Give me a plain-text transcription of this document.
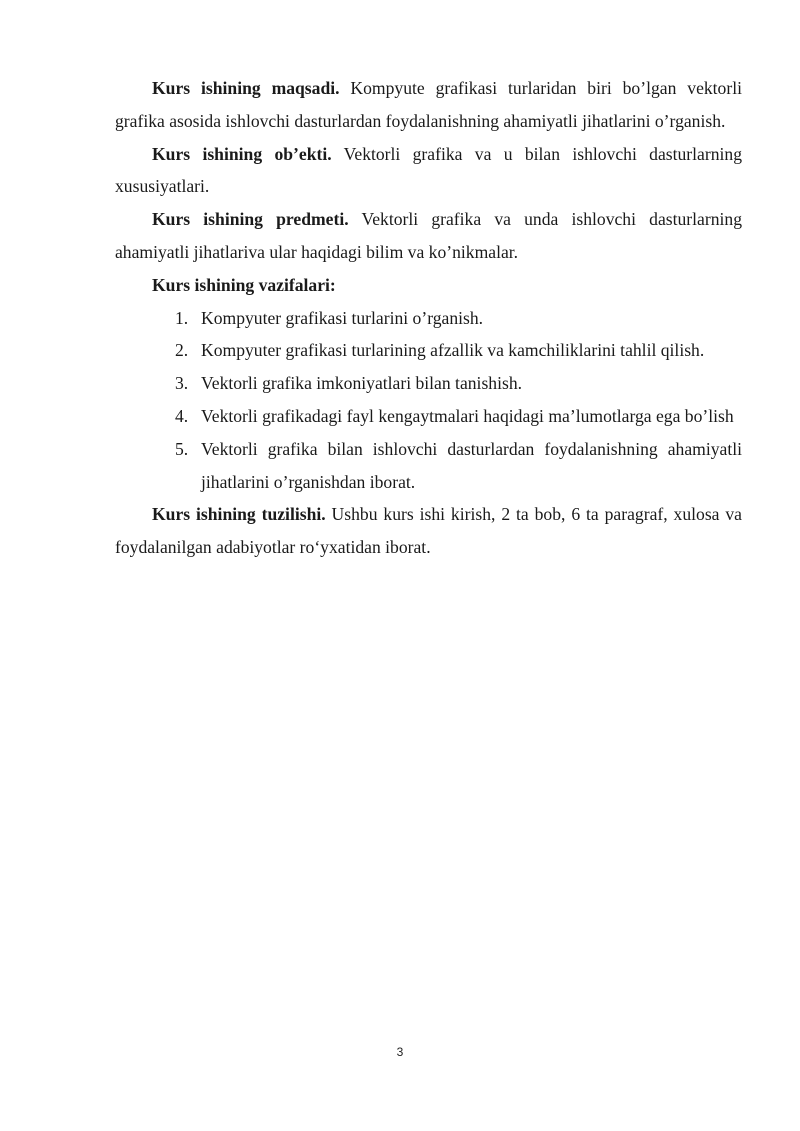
Kurs ishining maqsadi. Kompyute grafikasi turlaridan biri bo’lgan vektorli grafika asosida ishlovchi dasturlardan foydalanishning ahamiyatli jihatlarini o’rganish.

Kurs ishining ob’ekti. Vektorli grafika va u bilan ishlovchi dasturlarning xususiyatlari.

Kurs ishining predmeti. Vektorli grafika va unda ishlovchi dasturlarning ahamiyatli jihatlariva ular haqidagi bilim va ko’nikmalar.

Kurs ishining vazifalari:

1. Kompyuter grafikasi turlarini o’rganish.
2. Kompyuter grafikasi turlarining afzallik va kamchiliklarini tahlil qilish.
3. Vektorli grafika imkoniyatlari bilan tanishish.
4. Vektorli grafikadagi fayl kengaytmalari haqidagi ma’lumotlarga ega bo’lish
5. Vektorli grafika bilan ishlovchi dasturlardan foydalanishning ahamiyatli jihatlarini o’rganishdan iborat.

Kurs ishining tuzilishi. Ushbu kurs ishi kirish, 2 ta bob, 6 ta paragraf, xulosa va foydalanilgan adabiyotlar ro‘yxatidan iborat.

3
